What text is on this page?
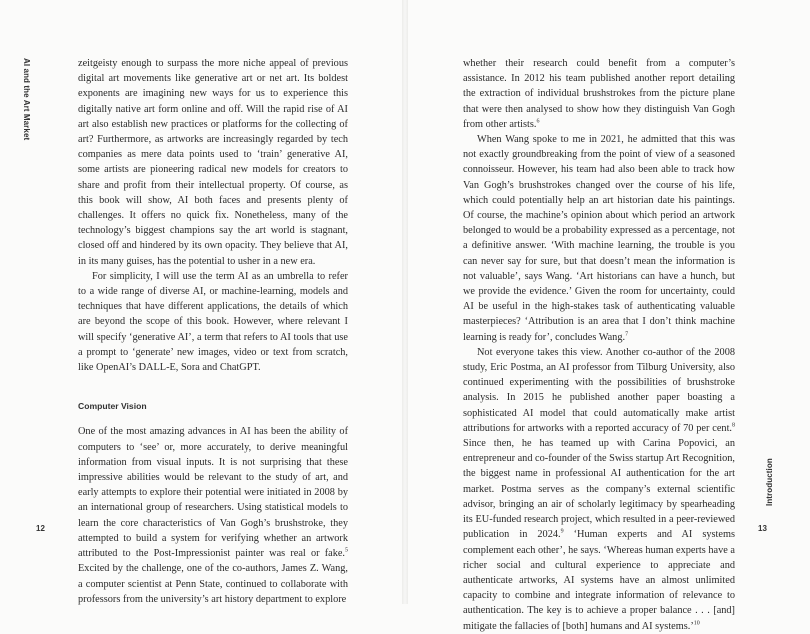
AI and the Art Market
12

zeitgeisty enough to surpass the more niche appeal of previous digital art movements like generative art or net art. Its boldest exponents are imagining new ways for us to experience this digitally native art form online and off. Will the rapid rise of AI art also establish new practices or platforms for the collecting of art? Furthermore, as artworks are increasingly regarded by tech companies as mere data points used to ‘train’ generative AI, some artists are pioneering radical new models for creators to share and profit from their intellectual property. Of course, as this book will show, AI both faces and presents plenty of challenges. It offers no quick fix. Nonetheless, many of the technology’s biggest champions say the art world is stagnant, closed off and hindered by its own opacity. They believe that AI, in its many guises, has the potential to usher in a new era.

For simplicity, I will use the term AI as an umbrella to refer to a wide range of diverse AI, or machine-learning, models and techniques that have different applications, the details of which are beyond the scope of this book. However, where relevant I will specify ‘generative AI’, a term that refers to AI tools that use a prompt to ‘generate’ new images, video or text from scratch, like OpenAI’s DALL-E, Sora and ChatGPT.

Computer Vision

One of the most amazing advances in AI has been the ability of computers to ‘see’ or, more accurately, to derive meaningful information from visual inputs. It is not surprising that these impressive abilities would be relevant to the study of art, and early attempts to explore their potential were initiated in 2008 by an international group of researchers. Using statistical models to learn the core characteristics of Van Gogh’s brushstroke, they attempted to build a system for verifying whether an artwork attributed to the Post-Impressionist painter was real or fake.$^5$ Excited by the challenge, one of the co-authors, James Z. Wang, a computer scientist at Penn State, continued to collaborate with professors from the university’s art history department to explore

Introduction
13

whether their research could benefit from a computer’s assistance. In 2012 his team published another report detailing the extraction of individual brushstrokes from the picture plane that were then analysed to show how they distinguish Van Gogh from other artists.$^6$

When Wang spoke to me in 2021, he admitted that this was not exactly groundbreaking from the point of view of a seasoned connoisseur. However, his team had also been able to track how Van Gogh’s brushstrokes changed over the course of his life, which could potentially help an art historian date his paintings. Of course, the machine’s opinion about which period an artwork belonged to would be a probability expressed as a percentage, not a definitive answer. ‘With machine learning, the trouble is you can never say for sure, but that doesn’t mean the information is not valuable’, says Wang. ‘Art historians can have a hunch, but we provide the evidence.’ Given the room for uncertainty, could AI be useful in the high-stakes task of authenticating valuable masterpieces? ‘Attribution is an area that I don’t think machine learning is ready for’, concludes Wang.$^7$

Not everyone takes this view. Another co-author of the 2008 study, Eric Postma, an AI professor from Tilburg University, also continued experimenting with the possibilities of brushstroke analysis. In 2015 he published another paper boasting a sophisticated AI model that could automatically make artist attributions for artworks with a reported accuracy of 70 per cent.$^8$ Since then, he has teamed up with Carina Popovici, an entrepreneur and co-founder of the Swiss startup Art Recognition, the biggest name in professional AI authentication for the art market. Postma serves as the company’s external scientific advisor, bringing an air of scholarly legitimacy by spearheading its EU-funded research project, which resulted in a peer-reviewed publication in 2024.$^9$ ‘Human experts and AI systems complement each other’, he says. ‘Whereas human experts have a richer social and cultural experience to appreciate and authenticate artworks, AI systems have an almost unlimited capacity to combine and integrate information of relevance to authentication. The key is to achieve a proper balance . . . [and] mitigate the fallacies of [both] humans and AI systems.’$^{10}$
